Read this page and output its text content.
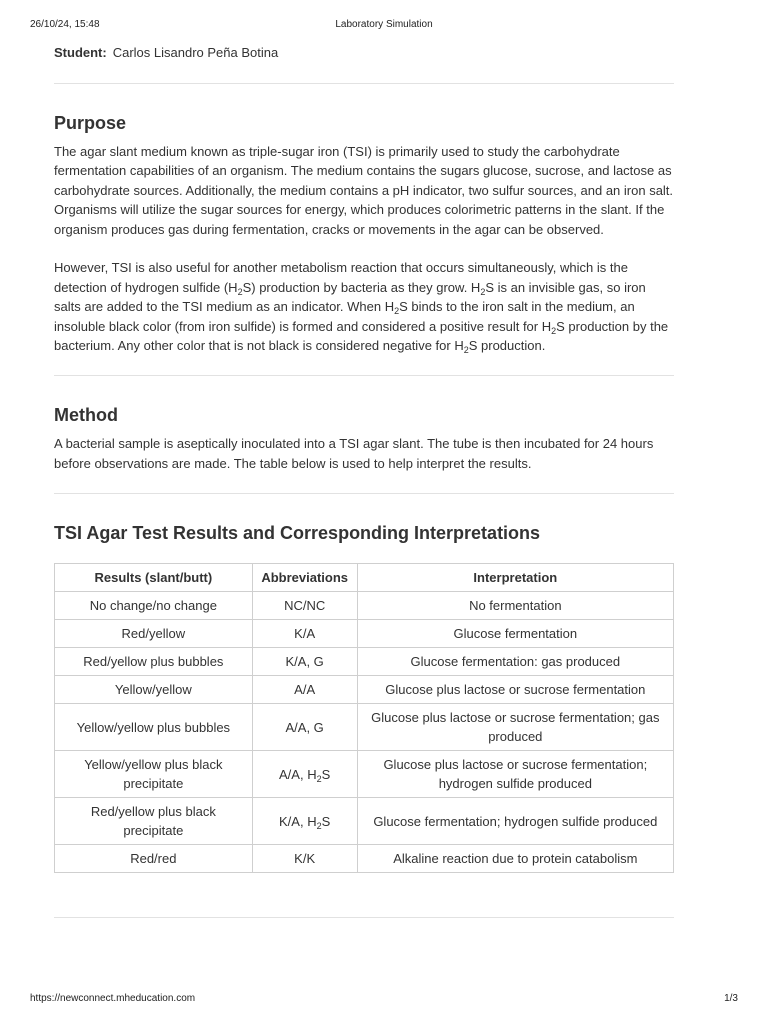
26/10/24, 15:48	Laboratory Simulation
Student: Carlos Lisandro Peña Botina
Purpose

The agar slant medium known as triple-sugar iron (TSI) is primarily used to study the carbohydrate fermentation capabilities of an organism. The medium contains the sugars glucose, sucrose, and lactose as carbohydrate sources. Additionally, the medium contains a pH indicator, two sulfur sources, and an iron salt. Organisms will utilize the sugar sources for energy, which produces colorimetric patterns in the slant. If the organism produces gas during fermentation, cracks or movements in the agar can be observed.

However, TSI is also useful for another metabolism reaction that occurs simultaneously, which is the detection of hydrogen sulfide $(H_2S)$ production by bacteria as they grow. $H_2S$ is an invisible gas, so iron salts are added to the TSI medium as an indicator. When $H_2S$ binds to the iron salt in the medium, an insoluble black color (from iron sulfide) is formed and considered a positive result for $H_2S$ production by the bacterium. Any other color that is not black is considered negative for $H_2S$ production.

Method

A bacterial sample is aseptically inoculated into a TSI agar slant. The tube is then incubated for 24 hours before observations are made. The table below is used to help interpret the results.

TSI Agar Test Results and Corresponding Interpretations
Results (slant/butt)	Abbreviations	Interpretation
No change/no change	NC/NC	No fermentation
Red/yellow	K/A	Glucose fermentation
Red/yellow plus bubbles	K/A, G	Glucose fermentation: gas produced
Yellow/yellow	A/A	Glucose plus lactose or sucrose fermentation
Yellow/yellow plus bubbles	A/A, G	Glucose plus lactose or sucrose fermentation; gas produced
Yellow/yellow plus black precipitate	A/A, $H_2S$	Glucose plus lactose or sucrose fermentation; hydrogen sulfide produced
Red/yellow plus black precipitate	K/A, $H_2S$	Glucose fermentation; hydrogen sulfide produced
Red/red	K/K	Alkaline reaction due to protein catabolism
https://newconnect.mheducation.com	1/3
